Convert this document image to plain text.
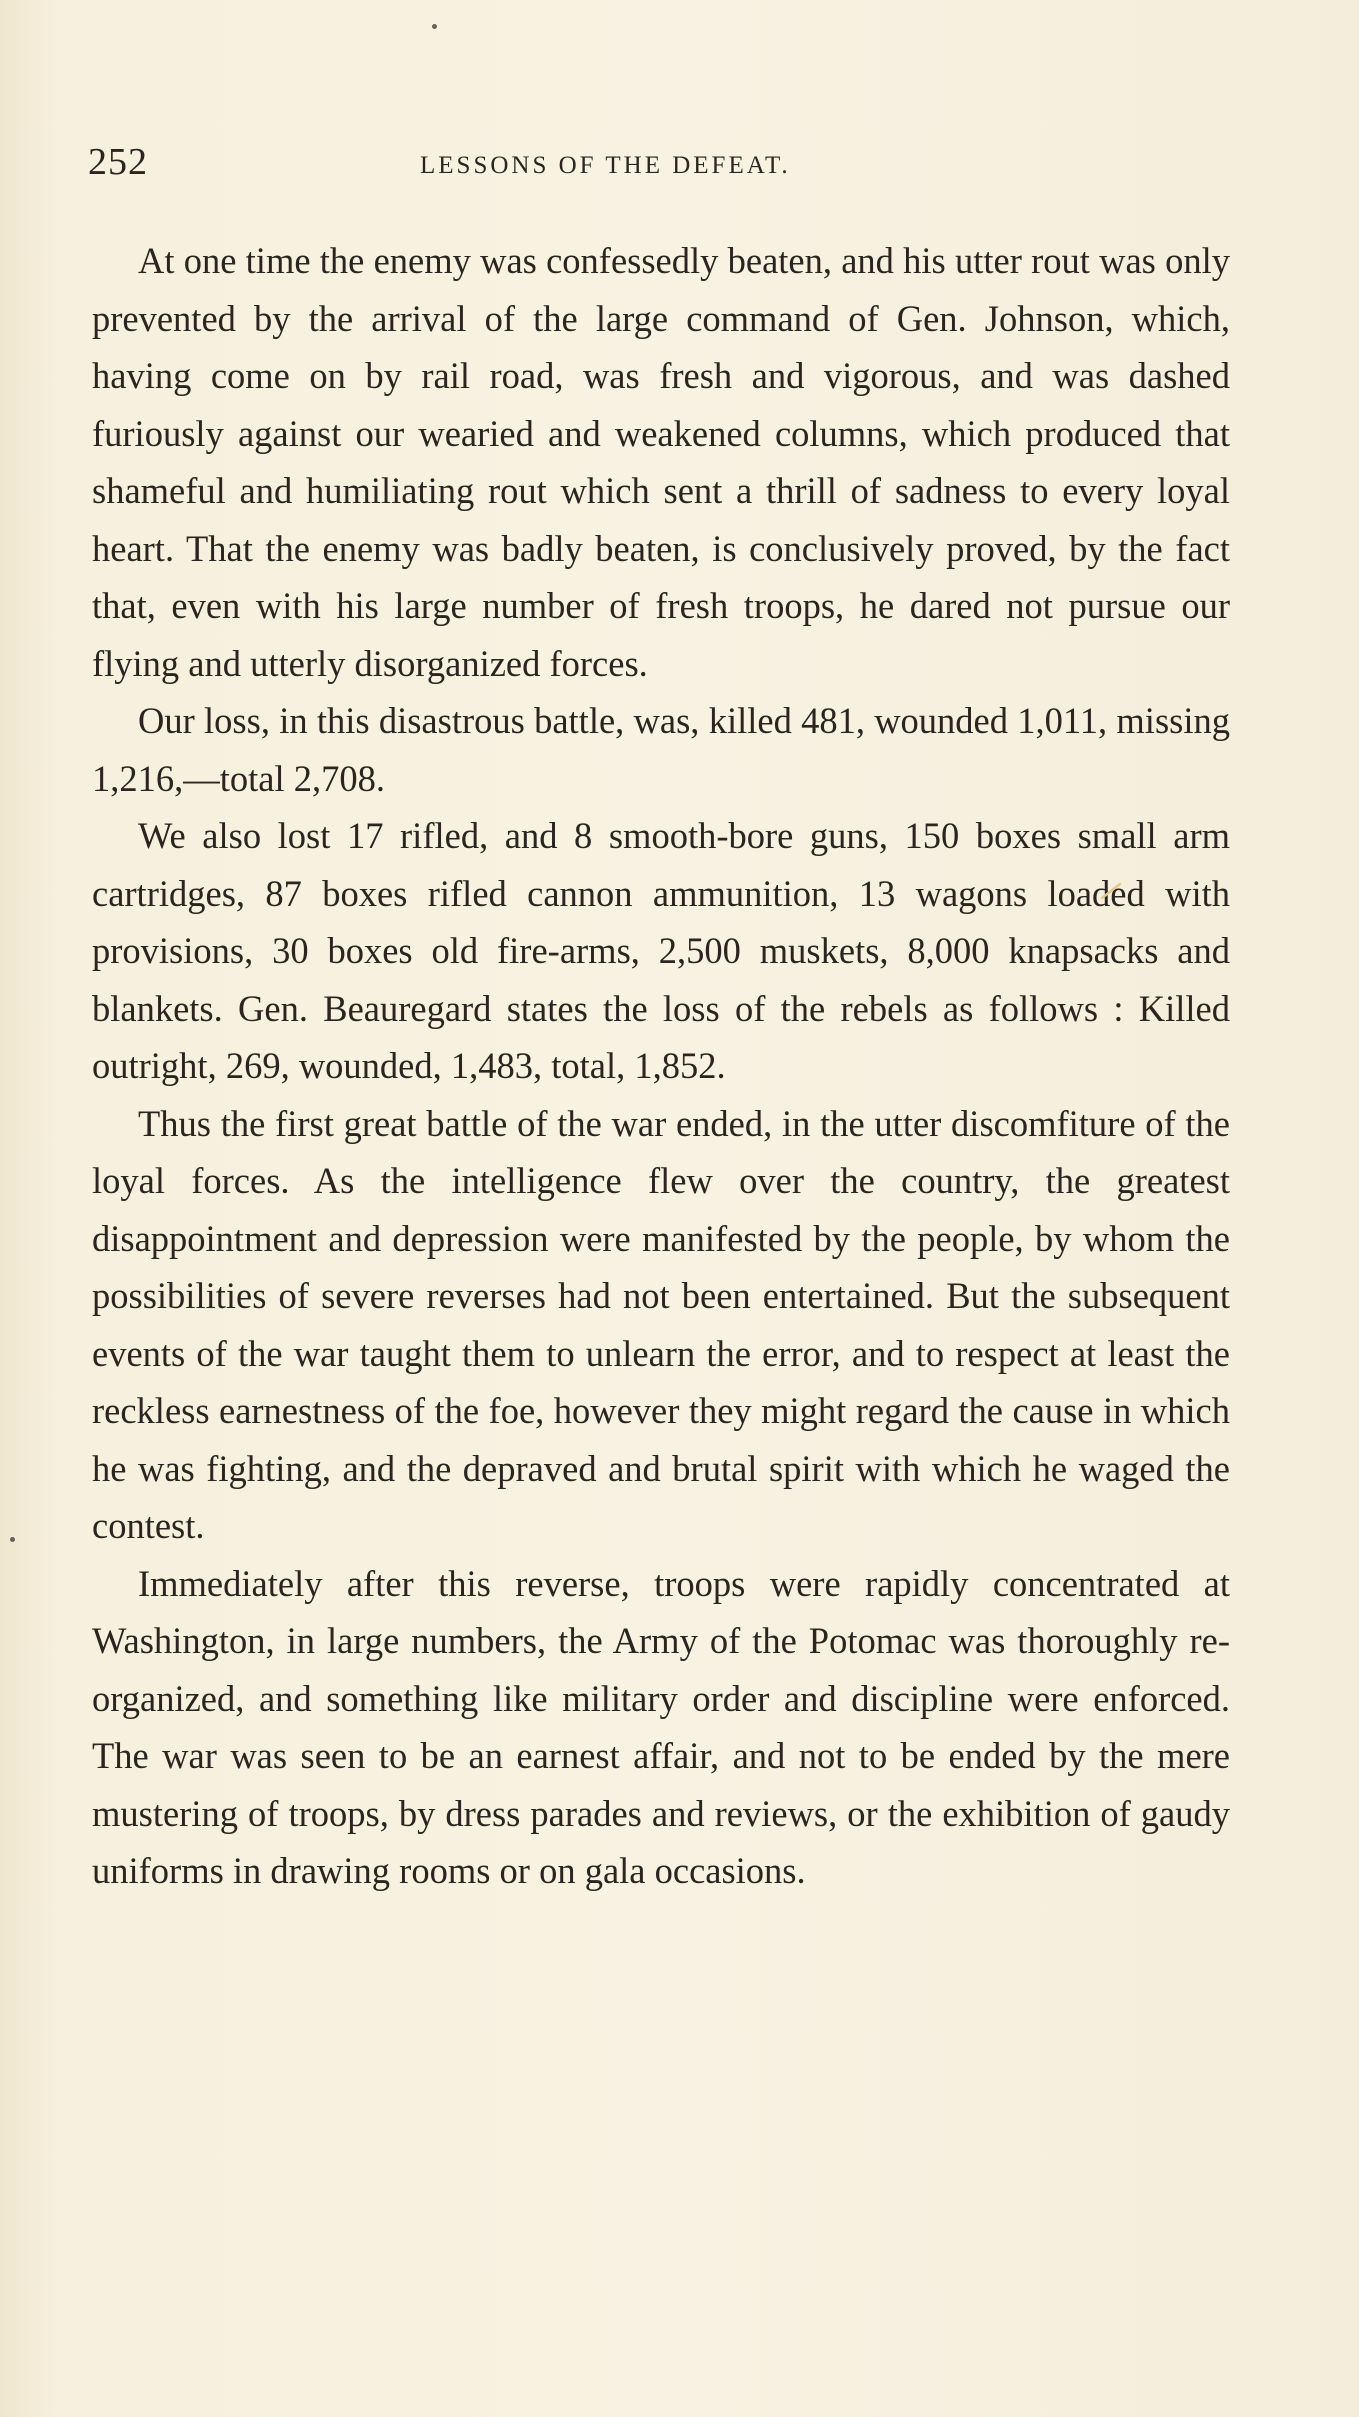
252	LESSONS OF THE DEFEAT.

At one time the enemy was confessedly beaten, and his utter rout was only prevented by the arrival of the large command of Gen. Johnson, which, having come on by rail road, was fresh and vigorous, and was dashed furiously against our wearied and weakened columns, which produced that shameful and humiliating rout which sent a thrill of sadness to every loyal heart. That the enemy was badly beaten, is conclusively proved, by the fact that, even with his large number of fresh troops, he dared not pursue our flying and utterly disorganized forces.

Our loss, in this disastrous battle, was, killed 481, wounded 1,011, missing 1,216,—total 2,708.

We also lost 17 rifled, and 8 smooth-bore guns, 150 boxes small arm cartridges, 87 boxes rifled cannon ammunition, 13 wagons loaded with provisions, 30 boxes old fire-arms, 2,500 muskets, 8,000 knapsacks and blankets. Gen. Beauregard states the loss of the rebels as follows : Killed outright, 269, wounded, 1,483, total, 1,852.

Thus the first great battle of the war ended, in the utter discomfiture of the loyal forces. As the intelligence flew over the country, the greatest disappointment and depression were manifested by the people, by whom the possibilities of severe reverses had not been entertained. But the subsequent events of the war taught them to unlearn the error, and to respect at least the reckless earnestness of the foe, however they might regard the cause in which he was fighting, and the depraved and brutal spirit with which he waged the contest.

Immediately after this reverse, troops were rapidly concentrated at Washington, in large numbers, the Army of the Potomac was thoroughly re-organized, and something like military order and discipline were enforced. The war was seen to be an earnest affair, and not to be ended by the mere mustering of troops, by dress parades and reviews, or the exhibition of gaudy uniforms in drawing rooms or on gala occasions.
